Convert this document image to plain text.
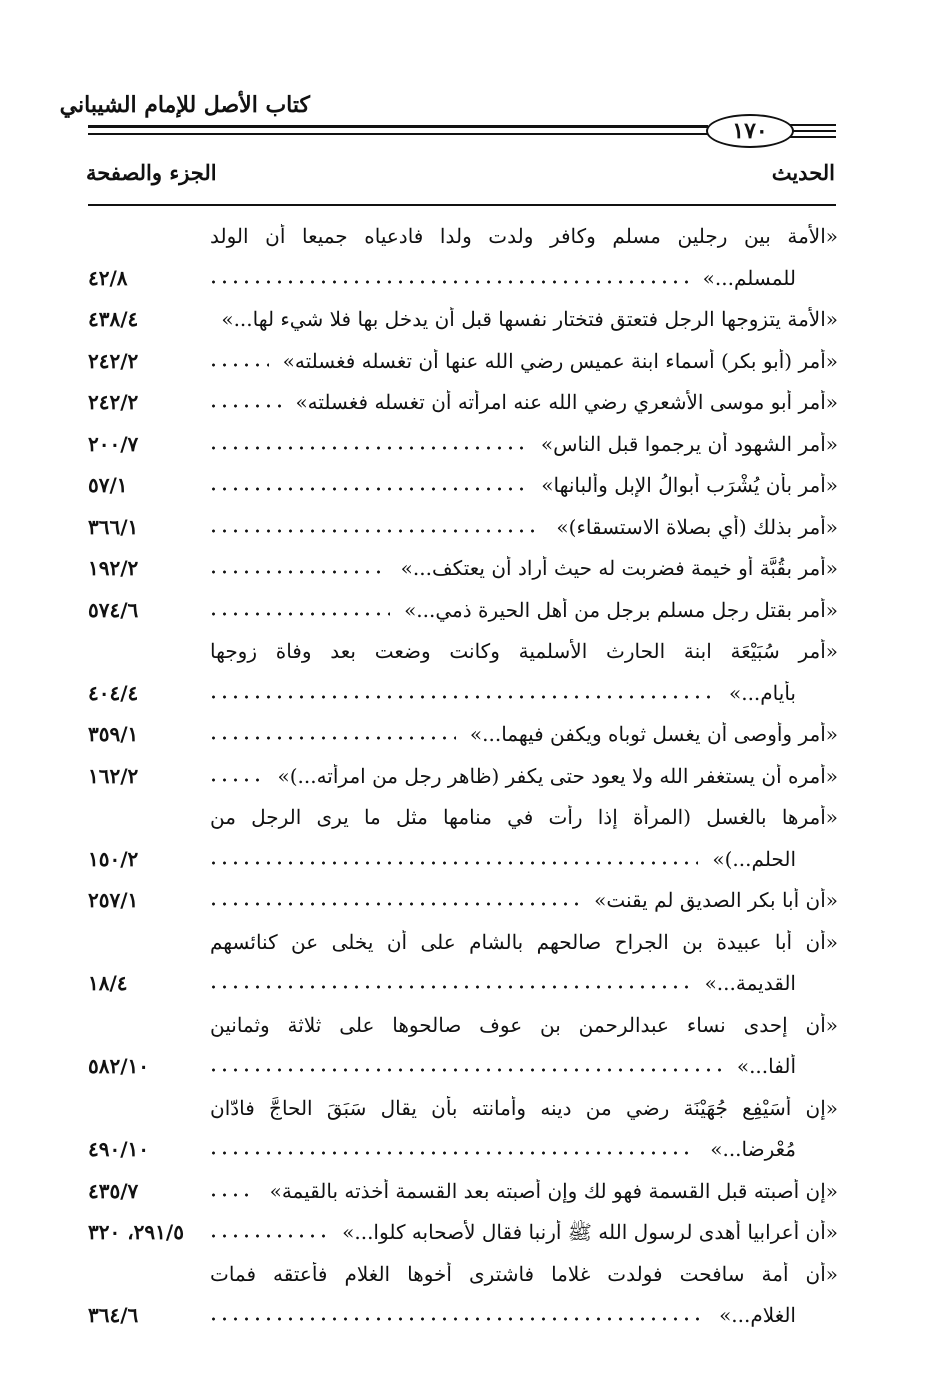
كتاب الأصل للإمام الشيباني
١٧٠
الحديث
الجزء والصفحة
«الأمة بين رجلين مسلم وكافر ولدت ولدا فادعياه جميعا أن الولد
للمسلم...»
٤٢/٨
«الأمة يتزوجها الرجل فتعتق فتختار نفسها قبل أن يدخل بها فلا شيء لها...»
٤٣٨/٤
«أمر (أبو بكر) أسماء ابنة عميس رضي الله عنها أن تغسله فغسلته»
٢٤٢/٢
«أمر أبو موسى الأشعري رضي الله عنه امرأته أن تغسله فغسلته»
٢٤٢/٢
«أمر الشهود أن يرجموا قبل الناس»
٢٠٠/٧
«أمر بأن يُشْرَب أبوالُ الإبل وألبانها»
٥٧/١
«أمر بذلك (أي بصلاة الاستسقاء)»
٣٦٦/١
«أمر بقُبَّة أو خيمة فضربت له حيث أراد أن يعتكف...»
١٩٢/٢
«أمر بقتل رجل مسلم برجل من أهل الحيرة ذمي...»
٥٧٤/٦
«أمر سُبَيْعَة ابنة الحارث الأسلمية وكانت وضعت بعد وفاة زوجها
بأيام...»
٤٠٤/٤
«أمر وأوصى أن يغسل ثوباه ويكفن فيهما...»
٣٥٩/١
«أمره أن يستغفر الله ولا يعود حتى يكفر (ظاهر رجل من امرأته...)»
١٦٢/٢
«أمرها بالغسل (المرأة إذا رأت في منامها مثل ما يرى الرجل من
الحلم...)»
١٥٠/٢
«أن أبا بكر الصديق لم يقنت»
٢٥٧/١
«أن أبا عبيدة بن الجراح صالحهم بالشام على أن يخلى عن كنائسهم
القديمة...»
١٨/٤
«أن إحدى نساء عبدالرحمن بن عوف صالحوها على ثلاثة وثمانين
ألفا...»
٥٨٢/١٠
«إن أُسَيْفِع جُهَيْنَة رضي من دينه وأمانته بأن يقال سَبَقَ الحاجَّ فادّان
مُعْرِضا...»
٤٩٠/١٠
«إن أصبته قبل القسمة فهو لك وإن أصبته بعد القسمة أخذته بالقيمة»
٤٣٥/٧
«أن أعرابيا أهدى لرسول الله ﷺ أرنبا فقال لأصحابه كلوا...»
٢٩١/٥، ٣٢٠
«أن أمة سافحت فولدت غلاما فاشترى أخوها الغلام فأعتقه فمات
الغلام...»
٣٦٤/٦
